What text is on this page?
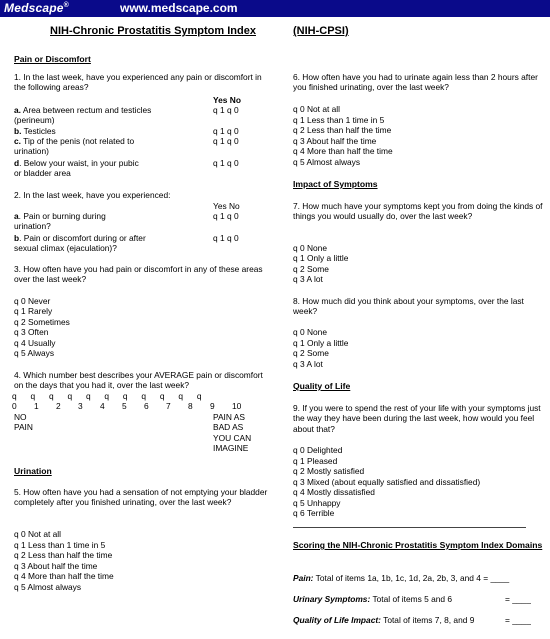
Medscape®	www.medscape.com
NIH-Chronic Prostatitis Symptom Index	(NIH-CPSI)
Pain or Discomfort
1. In the last week, have you experienced any pain or discomfort in the following areas?
Yes No
a. Area between rectum and testicles (perineum)
q 1 q 0
b. Testicles	q 1 q 0
c. Tip of the penis (not related to urination)
q 1 q 0
d. Below your waist, in your pubic or bladder area
q 1 q 0
2. In the last week, have you experienced:
Yes No
a. Pain or burning during urination?
q 1 q 0
b. Pain or discomfort during or after sexual climax (ejaculation)?
q 1 q 0
3. How often have you had pain or discomfort in any of these areas over the last week?
q 0 Never
q 1 Rarely
q 2 Sometimes
q 3 Often
q 4 Usually
q 5 Always
4. Which number best describes your AVERAGE pain or discomfort on the days that you had it, over the last week?
q q q q q q q q q q q
0 1 2 3 4 5 6 7 8 9 10
NO PAIN
PAIN AS BAD AS YOU CAN IMAGINE
Urination
5. How often have you had a sensation of not emptying your bladder completely after you finished urinating, over the last week?
q 0 Not at all
q 1 Less than 1 time in 5
q 2 Less than half the time
q 3 About half the time
q 4 More than half the time
q 5 Almost always
6. How often have you had to urinate again less than 2 hours after you finished urinating, over the last week?
q 0 Not at all
q 1 Less than 1 time in 5
q 2 Less than half the time
q 3 About half the time
q 4 More than half the time
q 5 Almost always
Impact of Symptoms
7. How much have your symptoms kept you from doing the kinds of things you would usually do, over the last week?
q 0 None
q 1 Only a little
q 2 Some
q 3 A lot
8. How much did you think about your symptoms, over the last week?
q 0 None
q 1 Only a little
q 2 Some
q 3 A lot
Quality of Life
9. If you were to spend the rest of your life with your symptoms just the way they have been during the last week, how would you feel about that?
q 0 Delighted
q 1 Pleased
q 2 Mostly satisfied
q 3 Mixed (about equally satisfied and dissatisfied)
q 4 Mostly dissatisfied
q 5 Unhappy
q 6 Terrible
Scoring the NIH-Chronic Prostatitis Symptom Index Domains
Pain: Total of items 1a, 1b, 1c, 1d, 2a, 2b, 3, and 4 = ____
Urinary Symptoms: Total of items 5 and 6	= ____
Quality of Life Impact: Total of items 7, 8, and 9	= ____
